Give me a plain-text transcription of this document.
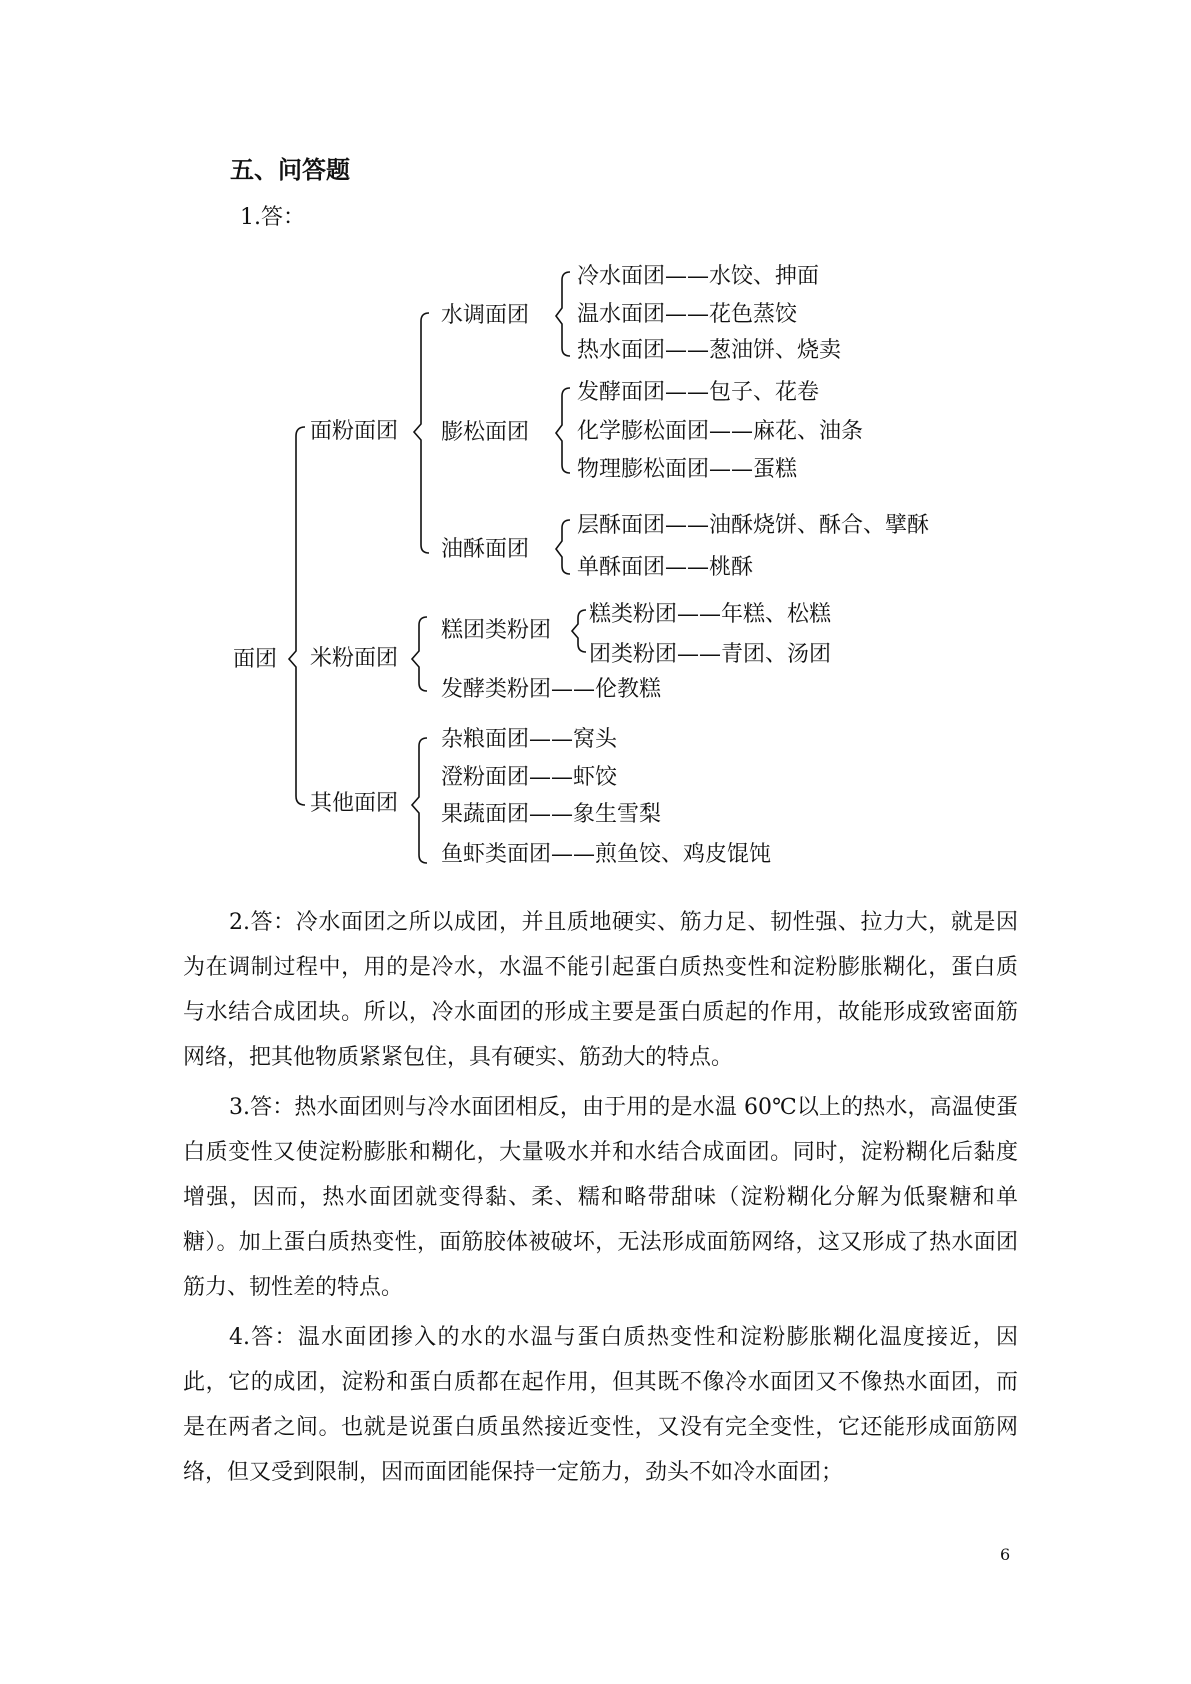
五、问答题
1.答：
面团
面粉面团
水调面团
冷水面团——水饺、抻面
温水面团——花色蒸饺
热水面团——葱油饼、烧卖
膨松面团
发酵面团——包子、花卷
化学膨松面团——麻花、油条
物理膨松面团——蛋糕
油酥面团
层酥面团——油酥烧饼、酥合、擘酥
单酥面团——桃酥
米粉面团
糕团类粉团
糕类粉团——年糕、松糕
团类粉团——青团、汤团
发酵类粉团——伦教糕
其他面团
杂粮面团——窝头
澄粉面团——虾饺
果蔬面团——象生雪梨
鱼虾类面团——煎鱼饺、鸡皮馄饨

2.答：冷水面团之所以成团，并且质地硬实、筋力足、韧性强、拉力大，就是因为在调制过程中，用的是冷水，水温不能引起蛋白质热变性和淀粉膨胀糊化，蛋白质与水结合成团块。所以，冷水面团的形成主要是蛋白质起的作用，故能形成致密面筋网络，把其他物质紧紧包住，具有硬实、筋劲大的特点。

3.答：热水面团则与冷水面团相反，由于用的是水温 60℃以上的热水，高温使蛋白质变性又使淀粉膨胀和糊化，大量吸水并和水结合成面团。同时，淀粉糊化后黏度增强，因而，热水面团就变得黏、柔、糯和略带甜味（淀粉糊化分解为低聚糖和单糖）。加上蛋白质热变性，面筋胶体被破坏，无法形成面筋网络，这又形成了热水面团筋力、韧性差的特点。

4.答：温水面团掺入的水的水温与蛋白质热变性和淀粉膨胀糊化温度接近，因此，它的成团，淀粉和蛋白质都在起作用，但其既不像冷水面团又不像热水面团，而是在两者之间。也就是说蛋白质虽然接近变性，又没有完全变性，它还能形成面筋网络，但又受到限制，因而面团能保持一定筋力，劲头不如冷水面团；

6
